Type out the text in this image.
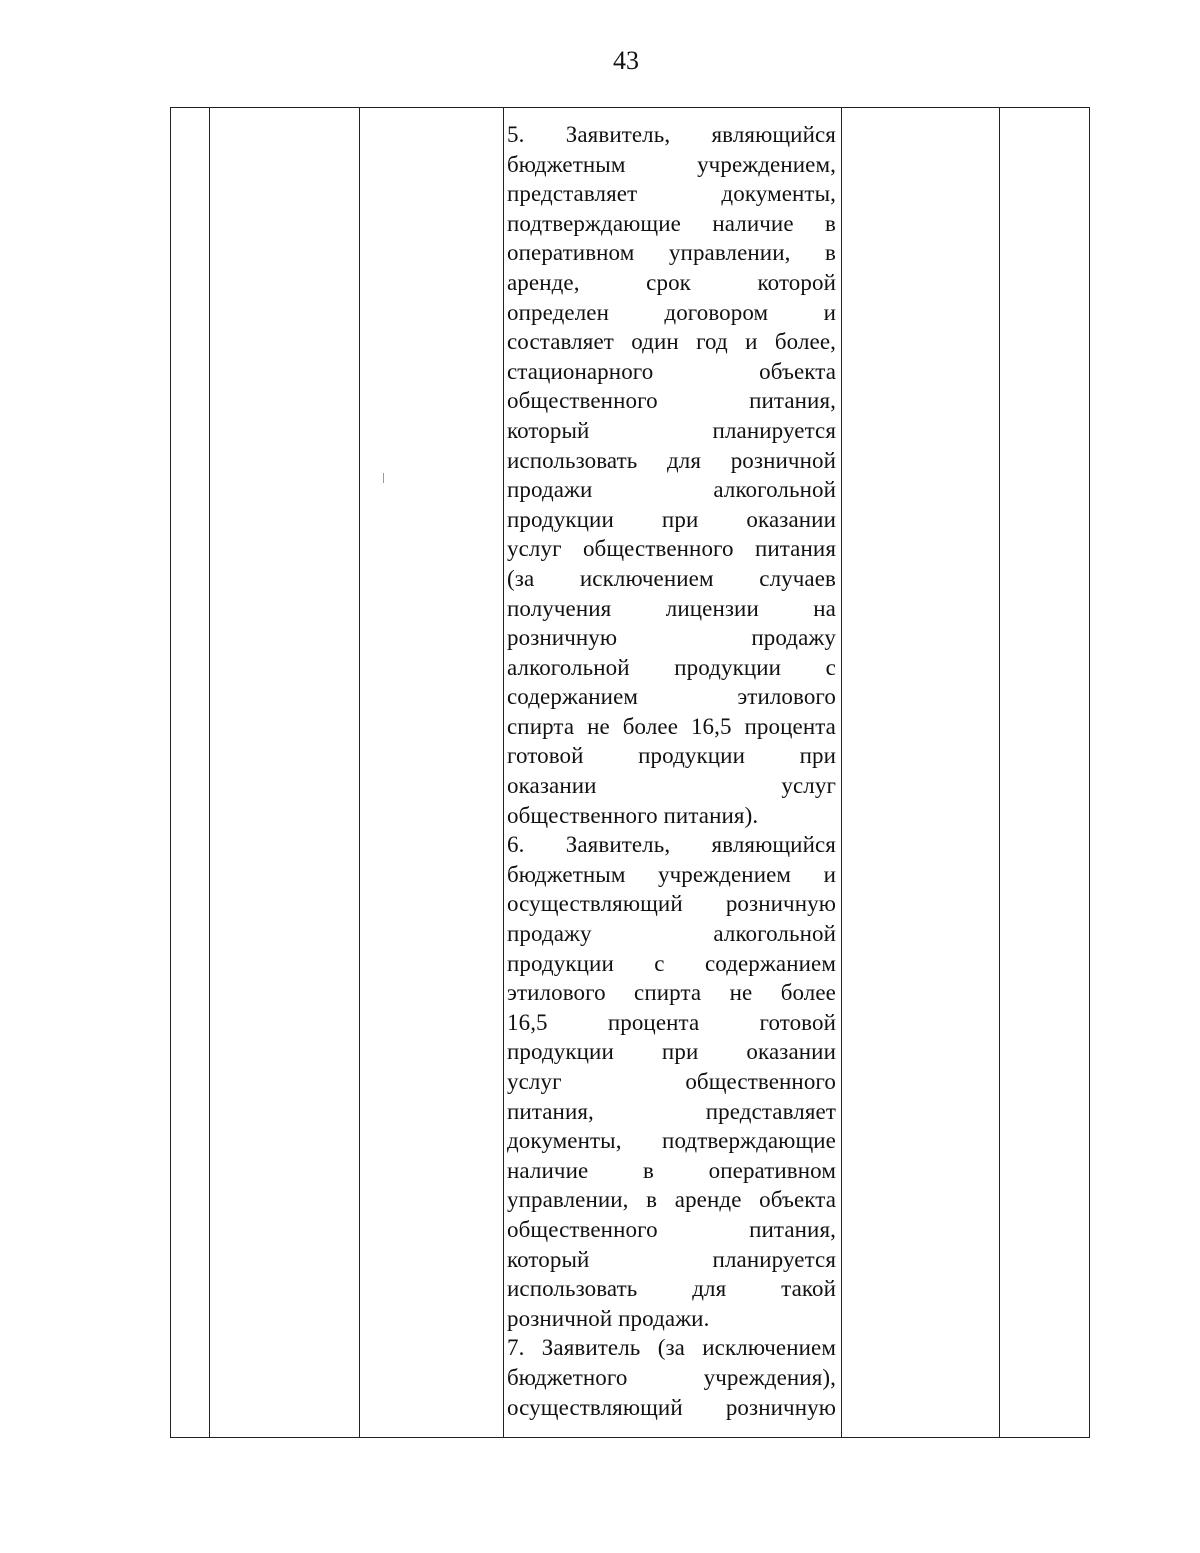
43
5. Заявитель, являющийся
бюджетным учреждением,
представляет документы,
подтверждающие наличие в
оперативном управлении, в
аренде, срок которой
определен договором и
составляет один год и более,
стационарного объекта
общественного питания,
который планируется
использовать для розничной
продажи алкогольной
продукции при оказании
услуг общественного питания
(за исключением случаев
получения лицензии на
розничную продажу
алкогольной продукции с
содержанием этилового
спирта не более 16,5 процента
готовой продукции при
оказании услуг
общественного питания).
6. Заявитель, являющийся
бюджетным учреждением и
осуществляющий розничную
продажу алкогольной
продукции с содержанием
этилового спирта не более
16,5 процента готовой
продукции при оказании
услуг общественного
питания, представляет
документы, подтверждающие
наличие в оперативном
управлении, в аренде объекта
общественного питания,
который планируется
использовать для такой
розничной продажи.
7. Заявитель (за исключением
бюджетного учреждения),
осуществляющий розничную
